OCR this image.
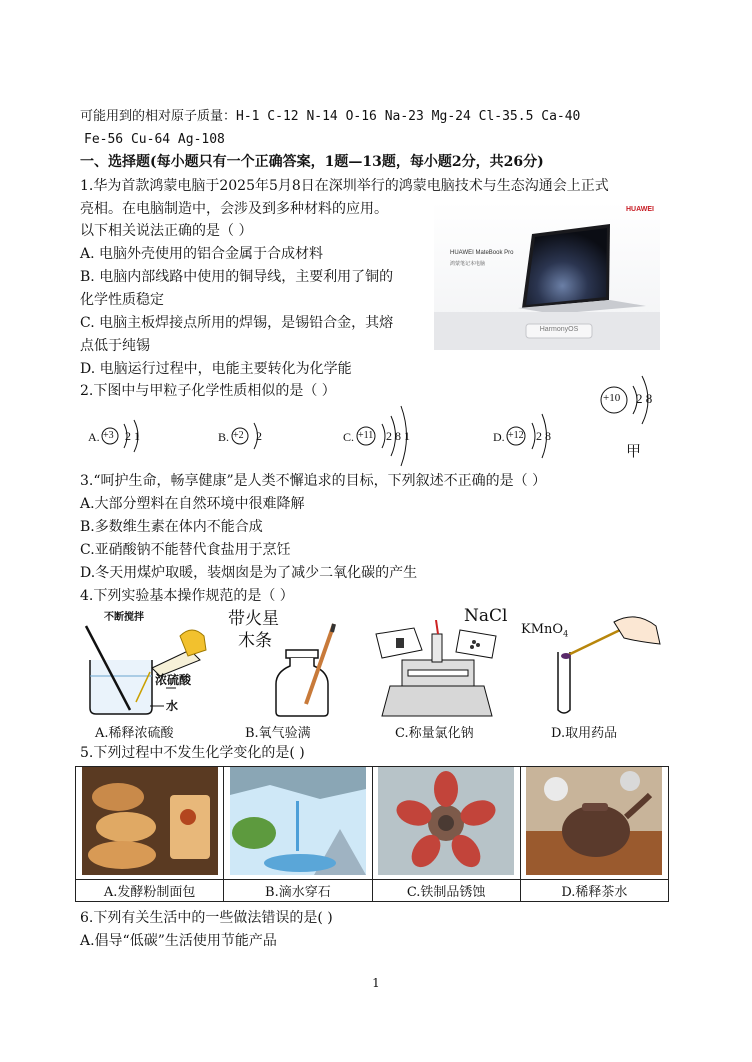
可能用到的相对原子质量：H-1 C-12 N-14 O-16 Na-23 Mg-24 Cl-35.5 Ca-40
Fe-56 Cu-64 Ag-108
一、选择题(每小题只有一个正确答案，1题—13题，每小题2分，共26分)
1.华为首款鸿蒙电脑于2025年5月8日在深圳举行的鸿蒙电脑技术与生态沟通会上正式
亮相。在电脑制造中，会涉及到多种材料的应用。
以下相关说法正确的是（ ）
A. 电脑外壳使用的铝合金属于合成材料
B. 电脑内部线路中使用的铜导线，主要利用了铜的
化学性质稳定
C. 电脑主板焊接点所用的焊锡，是锡铅合金，其熔
点低于纯锡
D. 电脑运行过程中，电能主要转化为化学能
HUAWEI
HUAWEI MateBook Pro
鸿蒙笔记本电脑
HarmonyOS
2.下图中与甲粒子化学性质相似的是（ ）
A. +3 2 1	B. +2 2	C. +11 2 8 1	D. +12 2 8
+10 2 8
甲
3.“呵护生命，畅享健康”是人类不懈追求的目标，下列叙述不正确的是（ ）
A.大部分塑料在自然环境中很难降解
B.多数维生素在体内不能合成
C.亚硝酸钠不能替代食盐用于烹饪
D.冬天用煤炉取暖，装烟囱是为了减少二氧化碳的产生
4.下列实验基本操作规范的是（ ）
不断搅拌
浓硫酸
水
带火星
木条
NaCl
KMnO$_4$
A.稀释浓硫酸	B.氧气验满	C.称量氯化钠	D.取用药品
5.下列过程中不发生化学变化的是( )

A.发酵粉制面包	B.滴水穿石	C.铁制品锈蚀	D.稀释茶水
6.下列有关生活中的一些做法错误的是( )
A.倡导“低碳”生活使用节能产品
1
